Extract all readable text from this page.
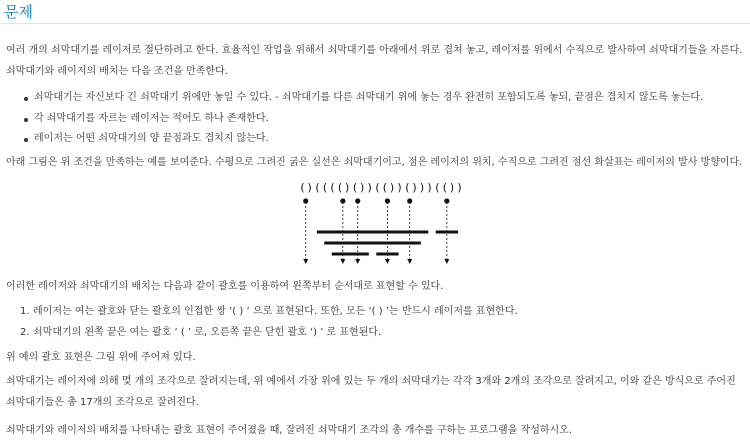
문제

여러 개의 쇠막대기를 레이저로 절단하려고 한다. 효율적인 작업을 위해서 쇠막대기를 아래에서 위로 겹쳐 놓고, 레이저를 위에서 수직으로 발사하여 쇠막대기들을 자른다. 쇠막대기와 레이저의 배치는 다음 조건을 만족한다.

쇠막대기는 자신보다 긴 쇠막대기 위에만 놓일 수 있다. - 쇠막대기를 다른 쇠막대기 위에 놓는 경우 완전히 포함되도록 놓되, 끝점은 겹치지 않도록 놓는다.
각 쇠막대기를 자르는 레이저는 적어도 하나 존재한다.
레이저는 어떤 쇠막대기의 양 끝점과도 겹치지 않는다.
아래 그림은 위 조건을 만족하는 예를 보여준다. 수평으로 그려진 굵은 실선은 쇠막대기이고, 점은 레이저의 위치, 수직으로 그려진 점선 화살표는 레이저의 발사 방향이다.
()(((()())(())()))(())
이러한 레이저와 쇠막대기의 배치는 다음과 같이 괄호를 이용하여 왼쪽부터 순서대로 표현할 수 있다.
1. 레이저는 여는 괄호와 닫는 괄호의 인접한 쌍 ‘( ) ’ 으로 표현된다. 또한, 모든 ‘( ) ’는 반드시 레이저를 표현한다.
2. 쇠막대기의 왼쪽 끝은 여는 괄호 ‘ ( ’ 로, 오른쪽 끝은 닫힌 괄호 ‘) ’ 로 표현된다.
위 예의 괄호 표현은 그림 위에 주어져 있다.

쇠막대기는 레이저에 의해 몇 개의 조각으로 잘려지는데, 위 예에서 가장 위에 있는 두 개의 쇠막대기는 각각 3개와 2개의 조각으로 잘려지고, 이와 같은 방식으로 주어진 쇠막대기들은 총 17개의 조각으로 잘려진다.

쇠막대기와 레이저의 배치를 나타내는 괄호 표현이 주어졌을 때, 잘려진 쇠막대기 조각의 총 개수를 구하는 프로그램을 작성하시오.
